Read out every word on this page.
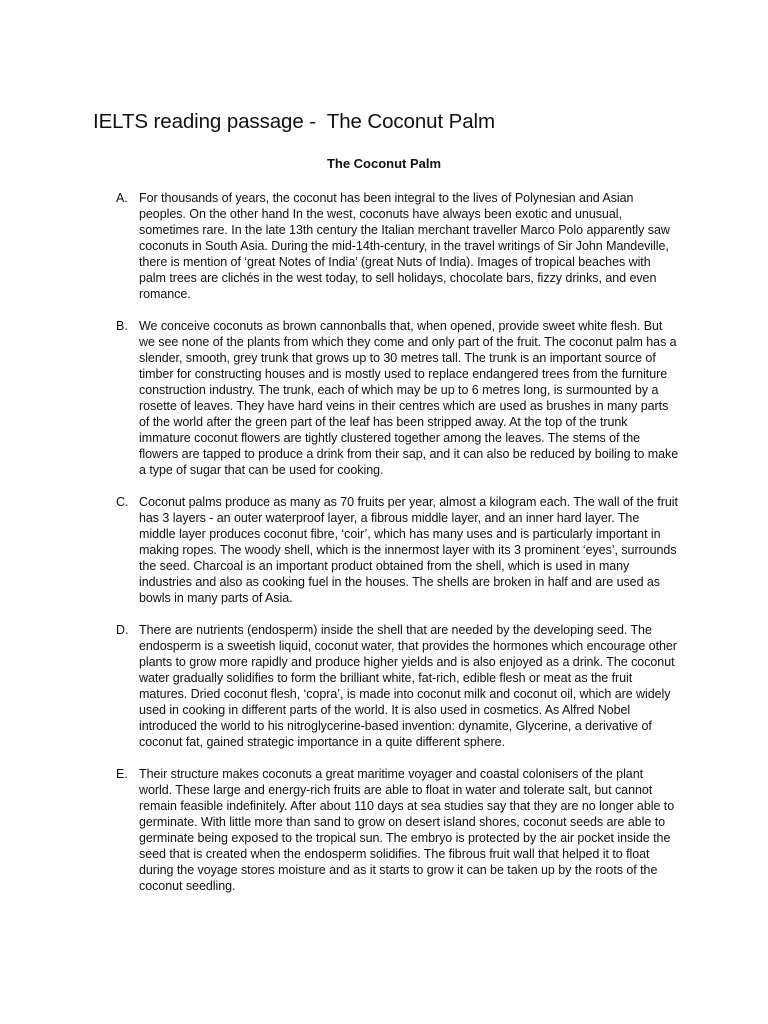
IELTS reading passage -  The Coconut Palm
The Coconut Palm
A. For thousands of years, the coconut has been integral to the lives of Polynesian and Asian peoples. On the other hand In the west, coconuts have always been exotic and unusual, sometimes rare. In the late 13th century the Italian merchant traveller Marco Polo apparently saw coconuts in South Asia. During the mid-14th-century, in the travel writings of Sir John Mandeville, there is mention of ‘great Notes of India’ (great Nuts of India). Images of tropical beaches with palm trees are clichés in the west today, to sell holidays, chocolate bars, fizzy drinks, and even romance.

B. We conceive coconuts as brown cannonballs that, when opened, provide sweet white flesh. But we see none of the plants from which they come and only part of the fruit. The coconut palm has a slender, smooth, grey trunk that grows up to 30 metres tall. The trunk is an important source of timber for constructing houses and is mostly used to replace endangered trees from the furniture construction industry. The trunk, each of which may be up to 6 metres long, is surmounted by a rosette of leaves. They have hard veins in their centres which are used as brushes in many parts of the world after the green part of the leaf has been stripped away. At the top of the trunk immature coconut flowers are tightly clustered together among the leaves. The stems of the flowers are tapped to produce a drink from their sap, and it can also be reduced by boiling to make a type of sugar that can be used for cooking.

C. Coconut palms produce as many as 70 fruits per year, almost a kilogram each. The wall of the fruit has 3 layers - an outer waterproof layer, a fibrous middle layer, and an inner hard layer. The middle layer produces coconut fibre, ‘coir’, which has many uses and is particularly important in making ropes. The woody shell, which is the innermost layer with its 3 prominent ‘eyes’, surrounds the seed. Charcoal is an important product obtained from the shell, which is used in many industries and also as cooking fuel in the houses. The shells are broken in half and are used as bowls in many parts of Asia.

D. There are nutrients (endosperm) inside the shell that are needed by the developing seed. The endosperm is a sweetish liquid, coconut water, that provides the hormones which encourage other plants to grow more rapidly and produce higher yields and is also enjoyed as a drink. The coconut water gradually solidifies to form the brilliant white, fat-rich, edible flesh or meat as the fruit matures. Dried coconut flesh, ‘copra’, is made into coconut milk and coconut oil, which are widely used in cooking in different parts of the world. It is also used in cosmetics. As Alfred Nobel introduced the world to his nitroglycerine-based invention: dynamite, Glycerine, a derivative of coconut fat, gained strategic importance in a quite different sphere.

E. Their structure makes coconuts a great maritime voyager and coastal colonisers of the plant world. These large and energy-rich fruits are able to float in water and tolerate salt, but cannot remain feasible indefinitely. After about 110 days at sea studies say that they are no longer able to germinate. With little more than sand to grow on desert island shores, coconut seeds are able to germinate being exposed to the tropical sun. The embryo is protected by the air pocket inside the seed that is created when the endosperm solidifies. The fibrous fruit wall that helped it to float during the voyage stores moisture and as it starts to grow it can be taken up by the roots of the coconut seedling.
